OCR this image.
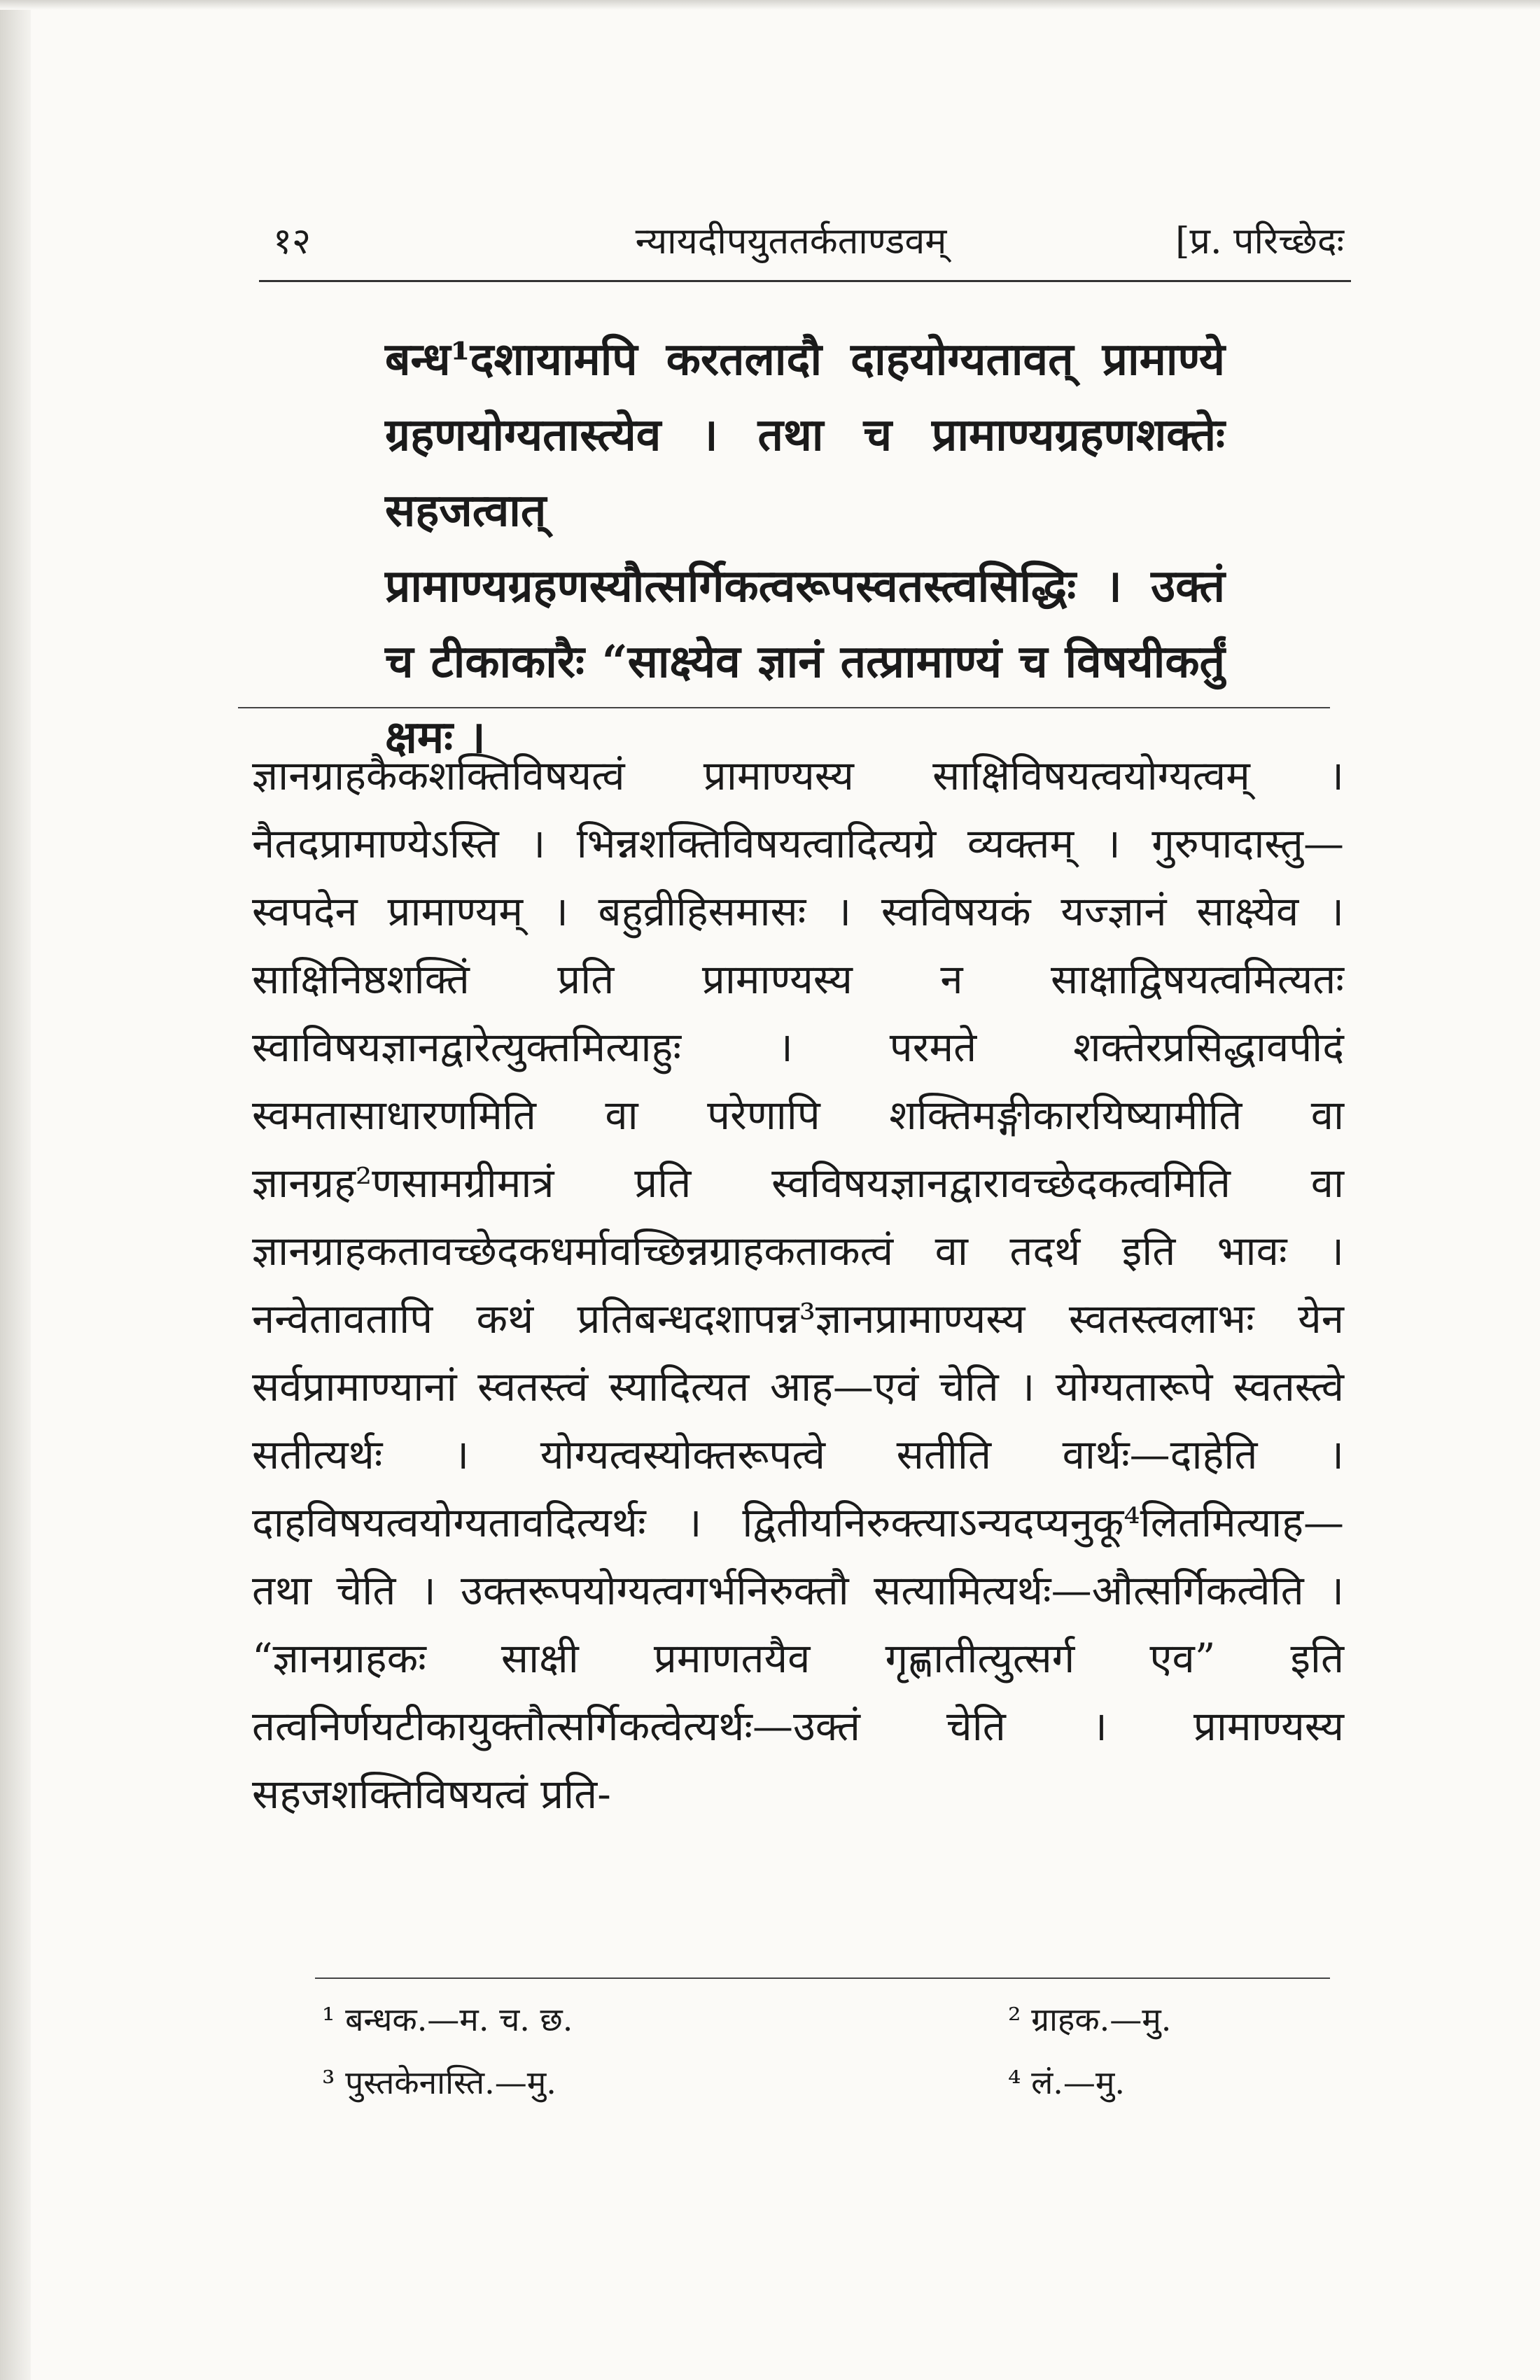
१२	न्यायदीपयुततर्कताण्डवम्	[प्र. परिच्छेदः
बन्ध¹दशायामपि करतलादौ दाहयोग्यतावत् प्रामाण्ये ग्रहणयोग्यतास्त्येव । तथा च प्रामाण्यग्रहणशक्तेः सहजत्वात् प्रामाण्यग्रहणस्यौत्सर्गिकत्वरूपस्वतस्त्वसिद्धिः । उक्तं च टीकाकारैः “साक्ष्येव ज्ञानं तत्प्रामाण्यं च विषयीकर्तुं क्षमः ।
ज्ञानग्राहकैकशक्तिविषयत्वं प्रामाण्यस्य साक्षिविषयत्वयोग्यत्वम् । नैतदप्रामाण्येऽस्ति । भिन्नशक्तिविषयत्वादित्यग्रे व्यक्तम् । गुरुपादास्तु—स्वपदेन प्रामाण्यम् । बहुव्रीहिसमासः । स्वविषयकं यज्ज्ञानं साक्ष्येव । साक्षिनिष्ठशक्तिं प्रति प्रामाण्यस्य न साक्षाद्विषयत्वमित्यतः स्वाविषयज्ञानद्वारेत्युक्तमित्याहुः । परमते शक्तेरप्रसिद्धावपीदं स्वमतासाधारणमिति वा परेणापि शक्तिमङ्गीकारयिष्यामीति वा ज्ञानग्रह²णसामग्रीमात्रं प्रति स्वविषयज्ञानद्वारावच्छेदकत्वमिति वा ज्ञानग्राहकतावच्छेदकधर्मावच्छिन्नग्राहकताकत्वं वा तदर्थ इति भावः । नन्वेतावतापि कथं प्रतिबन्धदशापन्न³ज्ञानप्रामाण्यस्य स्वतस्त्वलाभः येन सर्वप्रामाण्यानां स्वतस्त्वं स्यादित्यत आह—एवं चेति । योग्यतारूपे स्वतस्त्वे सतीत्यर्थः । योग्यत्वस्योक्तरूपत्वे सतीति वार्थः—दाहेति । दाहविषयत्वयोग्यतावदित्यर्थः । द्वितीयनिरुक्त्याऽन्यदप्यनुकू⁴लितमित्याह—तथा चेति । उक्तरूपयोग्यत्वगर्भनिरुक्तौ सत्यामित्यर्थः—औत्सर्गिकत्वेति । “ज्ञानग्राहकः साक्षी प्रमाणतयैव गृह्णातीत्युत्सर्ग एव” इति तत्वनिर्णयटीकायुक्तौत्सर्गिकत्वेत्यर्थः—उक्तं चेति । प्रामाण्यस्य सहजशक्तिविषयत्वं प्रति-
¹ बन्धक.—म. च. छ.	² ग्राहक.—मु.
³ पुस्तकेनास्ति.—मु.	⁴ लं.—मु.
